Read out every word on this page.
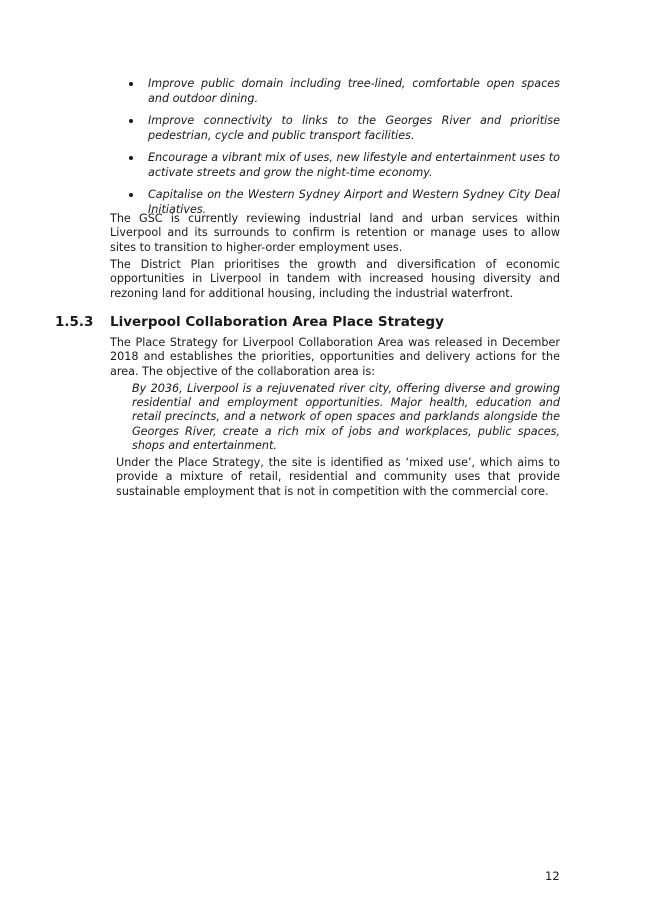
Improve public domain including tree-lined, comfortable open spaces and outdoor dining.
Improve connectivity to links to the Georges River and prioritise pedestrian, cycle and public transport facilities.
Encourage a vibrant mix of uses, new lifestyle and entertainment uses to activate streets and grow the night-time economy.
Capitalise on the Western Sydney Airport and Western Sydney City Deal Initiatives.

The GSC is currently reviewing industrial land and urban services within Liverpool and its surrounds to confirm is retention or manage uses to allow sites to transition to higher-order employment uses.

The District Plan prioritises the growth and diversification of economic opportunities in Liverpool in tandem with increased housing diversity and rezoning land for additional housing, including the industrial waterfront.

1.5.3 Liverpool Collaboration Area Place Strategy

The Place Strategy for Liverpool Collaboration Area was released in December 2018 and establishes the priorities, opportunities and delivery actions for the area. The objective of the collaboration area is:

By 2036, Liverpool is a rejuvenated river city, offering diverse and growing residential and employment opportunities. Major health, education and retail precincts, and a network of open spaces and parklands alongside the Georges River, create a rich mix of jobs and workplaces, public spaces, shops and entertainment.

Under the Place Strategy, the site is identified as ‘mixed use’, which aims to provide a mixture of retail, residential and community uses that provide sustainable employment that is not in competition with the commercial core.

12
